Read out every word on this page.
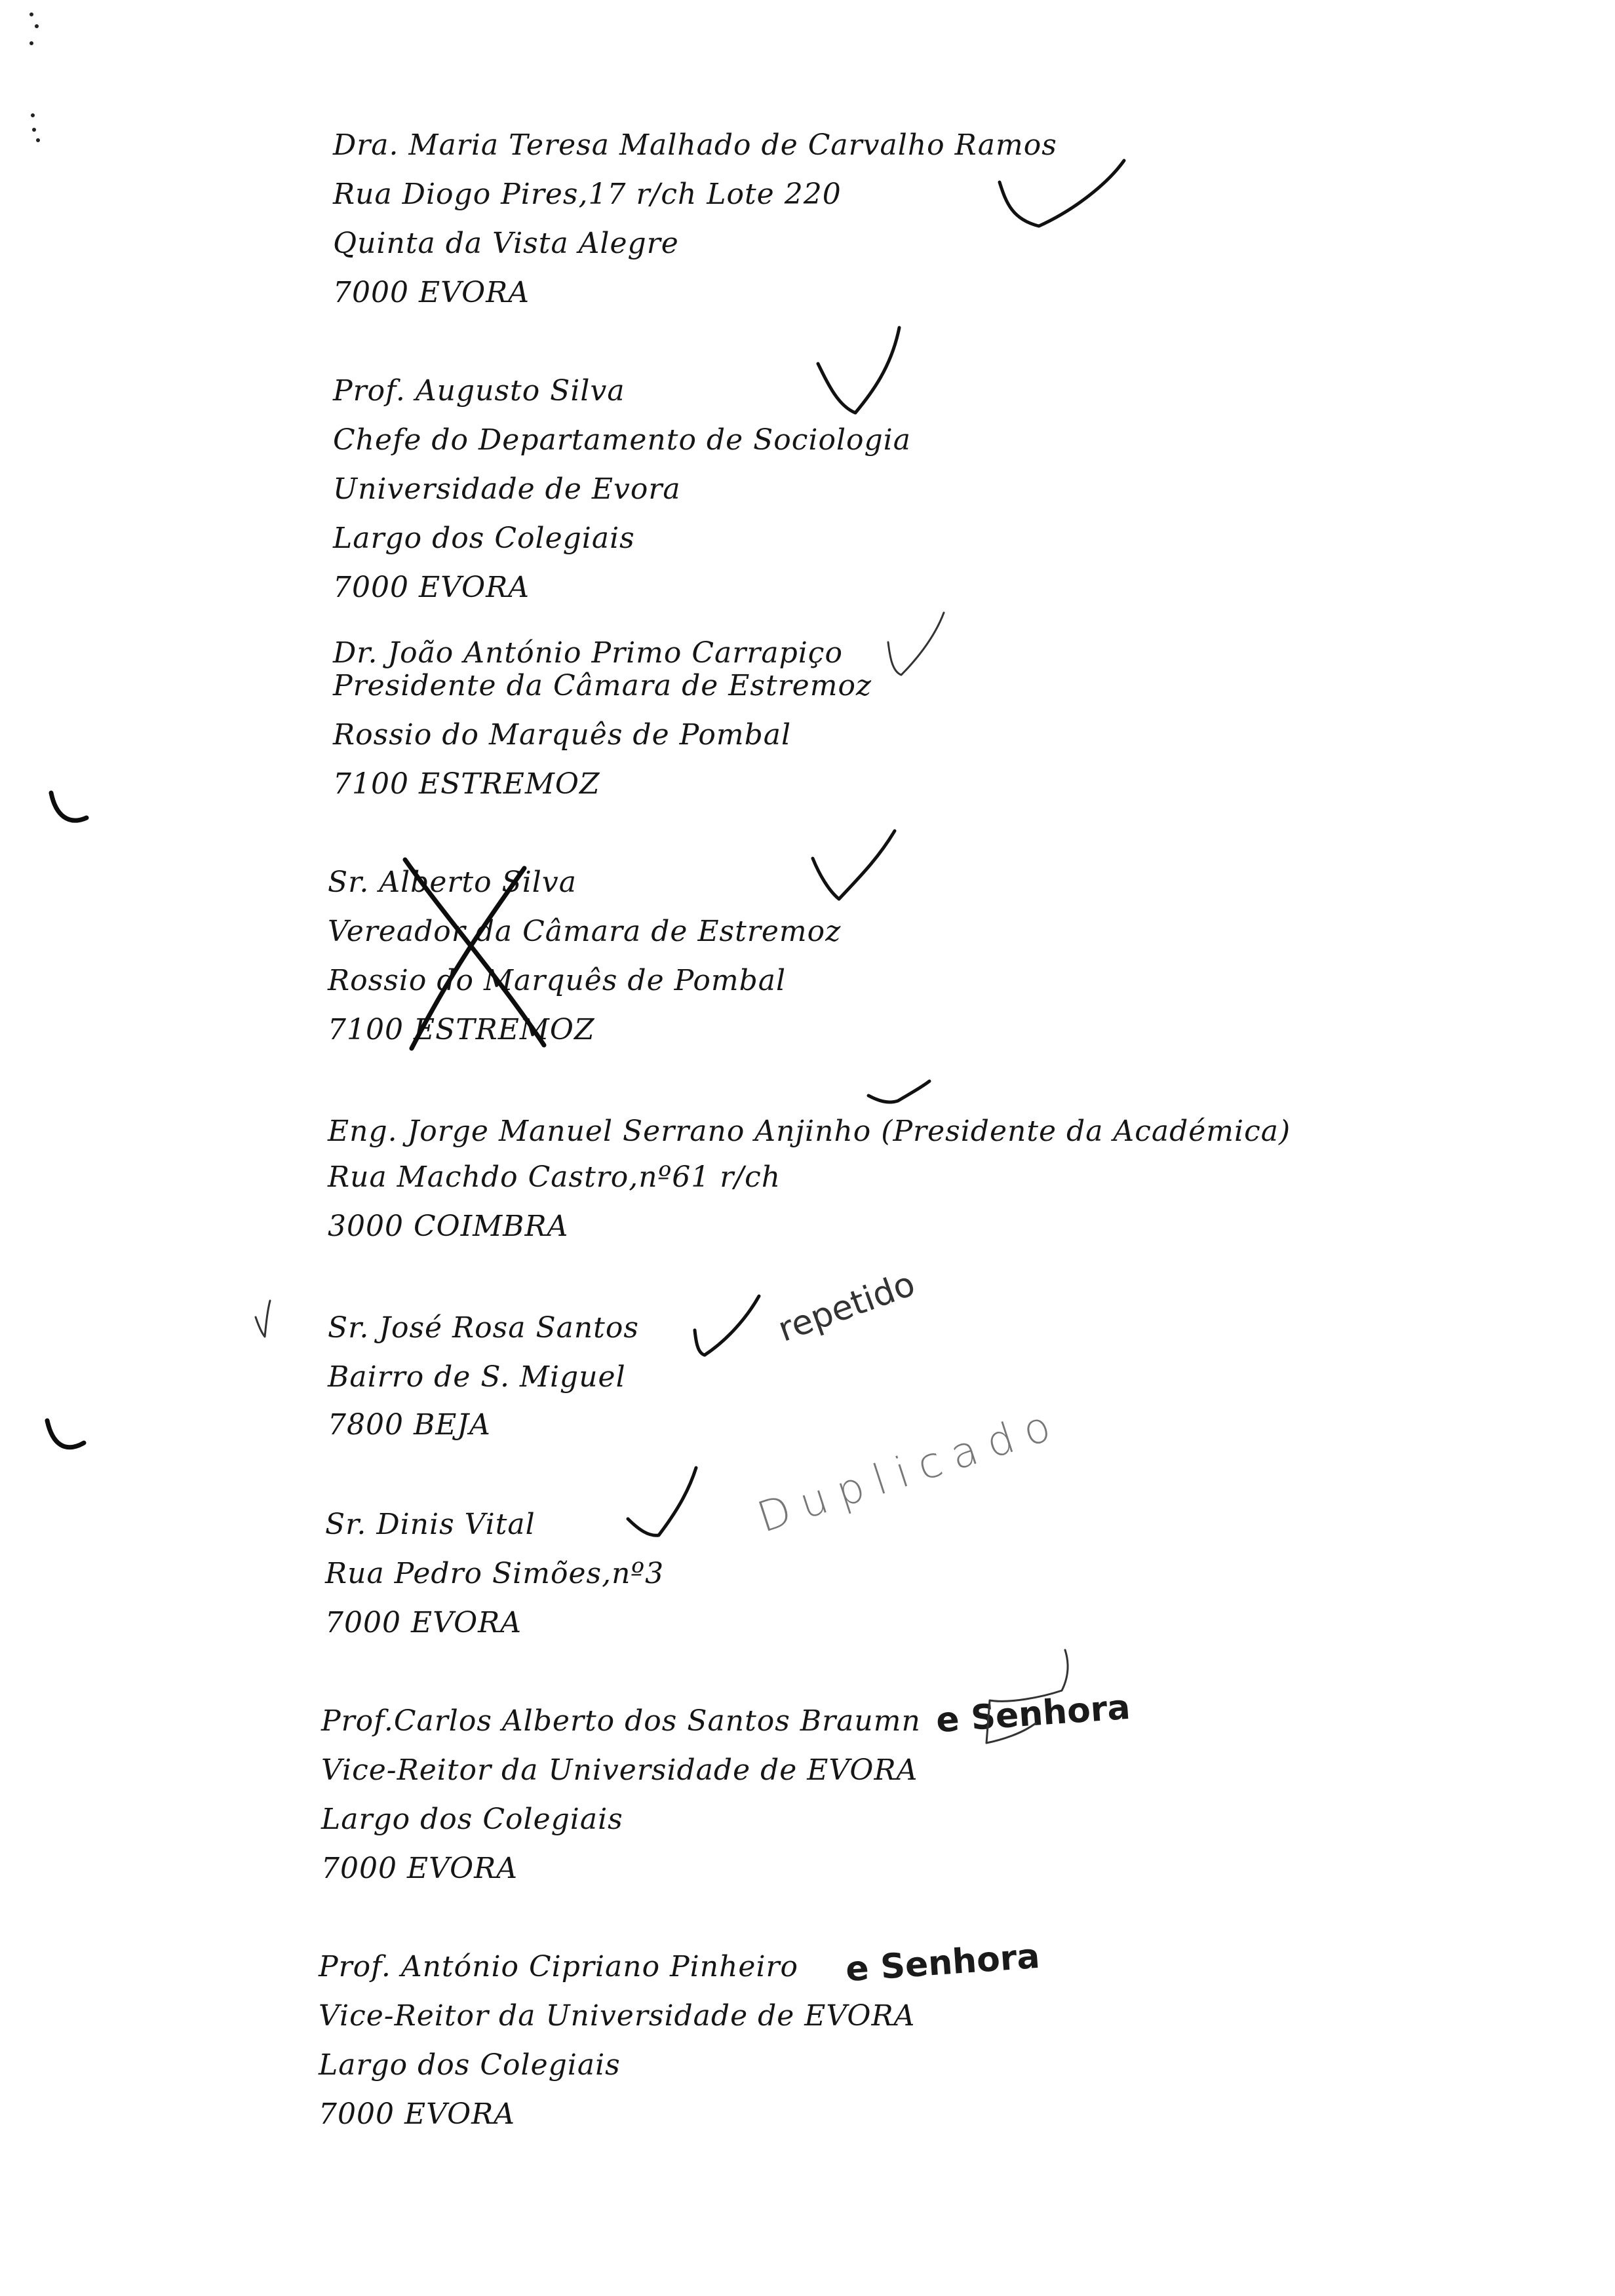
Dra. Maria Teresa Malhado de Carvalho Ramos
Rua Diogo Pires,17 r/ch Lote 220
Quinta da Vista Alegre
7000 EVORA
Prof. Augusto Silva
Chefe do Departamento de Sociologia
Universidade de Evora
Largo dos Colegiais
7000 EVORA
Dr. João António Primo Carrapiço
Presidente da Câmara de Estremoz
Rossio do Marquês de Pombal
7100 ESTREMOZ
Sr. Alberto Silva
Vereador da Câmara de Estremoz
Rossio do Marquês de Pombal
7100 ESTREMOZ
Eng. Jorge Manuel Serrano Anjinho (Presidente da Académica)
Rua Machdo Castro,nº61 r/ch
3000 COIMBRA
Sr. José Rosa Santos
Bairro de S. Miguel
7800 BEJA
Sr. Dinis Vital
Rua Pedro Simões,nº3
7000 EVORA
Prof.Carlos Alberto dos Santos Braumn
Vice-Reitor da Universidade de EVORA
Largo dos Colegiais
7000 EVORA
Prof. António Cipriano Pinheiro
Vice-Reitor da Universidade de EVORA
Largo dos Colegiais
7000 EVORA
repetido
Duplicado
e Senhora
e Senhora
